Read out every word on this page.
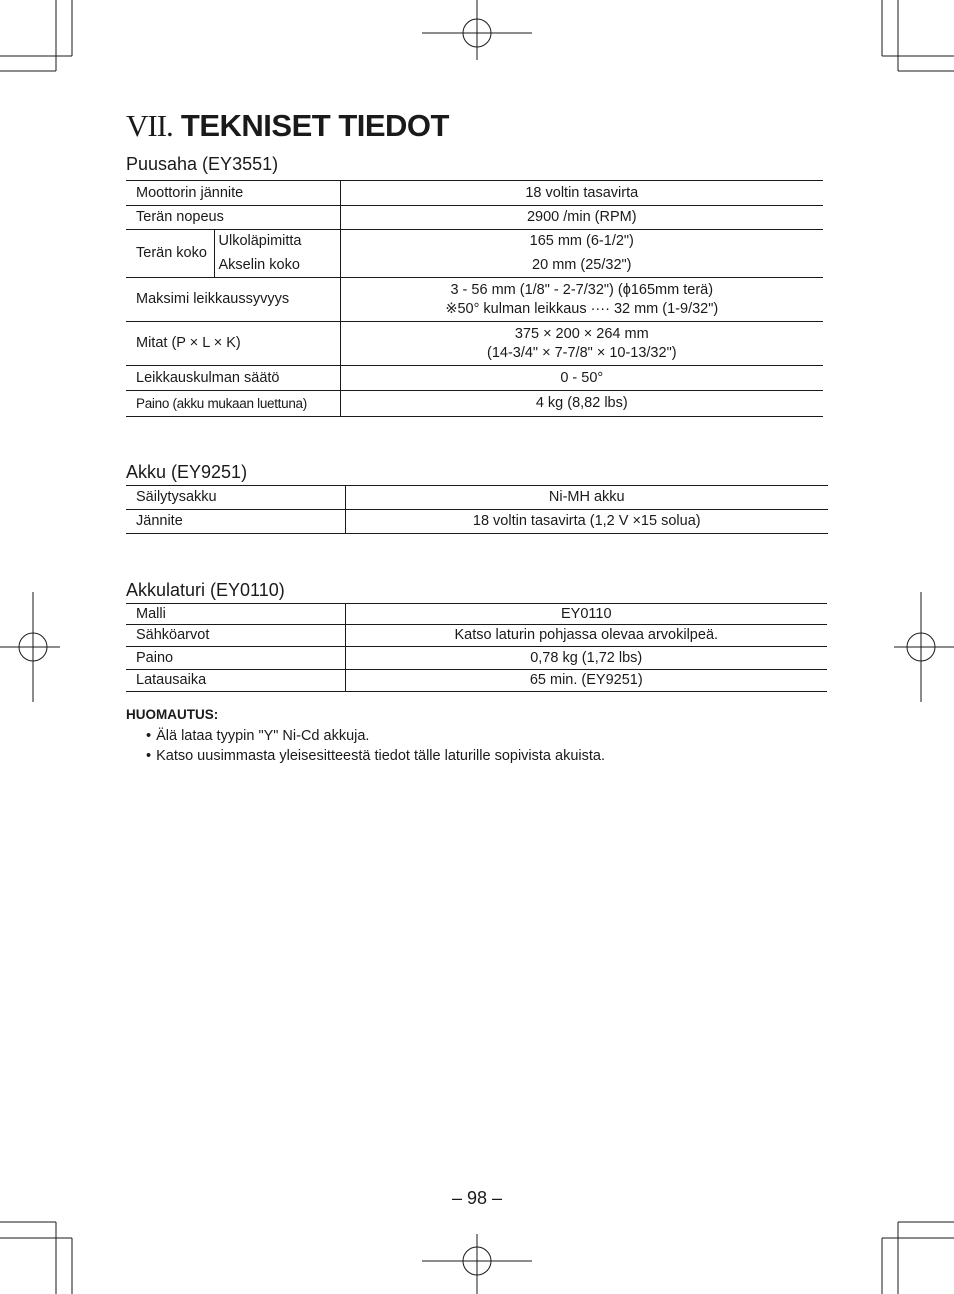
VII. TEKNISET TIEDOT
Puusaha (EY3551)
Moottorin jännite		18 voltin tasavirta
Terän nopeus		2900 /min (RPM)
Terän koko	Ulkoläpimitta	165 mm (6-1/2")
	Akselin koko	20 mm (25/32")
Maksimi leikkaussyvyys		3 - 56 mm (1/8" - 2-7/32") (ϕ165mm terä)
※50° kulman leikkaus ···· 32 mm (1-9/32")

Mitat (P × L × K)		375 × 200 × 264 mm
(14-3/4" × 7-7/8" × 10-13/32")

Leikkauskulman säätö		0 - 50°
Paino (akku mukaan luettuna)		4 kg (8,82 lbs)
Akku (EY9251)
Säilytysakku	Ni-MH akku
Jännite	18 voltin tasavirta (1,2 V ×15 solua)
Akkulaturi (EY0110)
Malli	EY0110
Sähköarvot	Katso laturin pohjassa olevaa arvokilpeä.
Paino	0,78 kg (1,72 lbs)
Latausaika	65 min. (EY9251)

HUOMAUTUS:

• Älä lataa tyypin "Y" Ni-Cd akkuja.
• Katso uusimmasta yleisesitteestä tiedot tälle laturille sopivista akuista.
– 98 –
